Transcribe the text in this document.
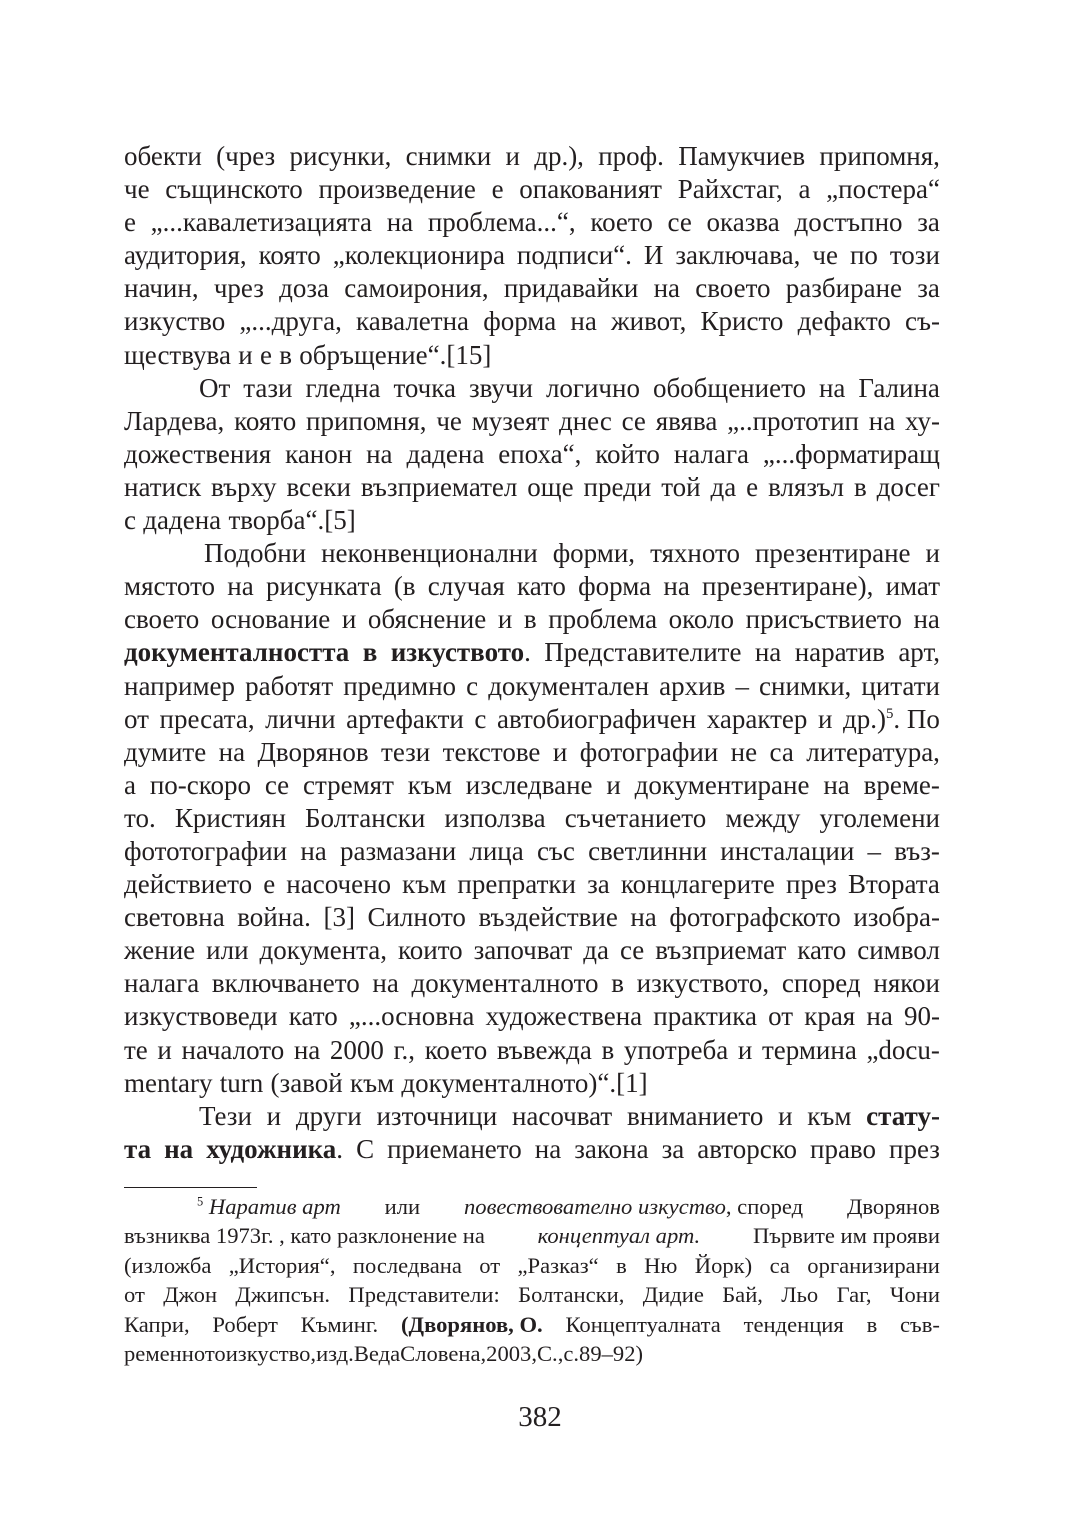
обекти (чрез рисунки, снимки и др.), проф. Памукчиев припомня,
че същинското произведение е опакованият Райхстаг, а „постера“
е „...кавалетизацията на проблема...“, което се оказва достъпно за
аудитория, която „колекционира подписи“. И заключава, че по този
начин, чрез доза самоирония, придавайки на своето разбиране за
изкуство „...друга, кавалетна форма на живот, Кристо дефакто съ-
ществува и е в обръщение“.[15]
От тази гледна точка звучи логично обобщението на Галина
Лардева, която припомня, че музеят днес се явява „..прототип на ху-
дожествения канон на дадена епоха“, който налага „...форматиращ
натиск върху всеки възприемател още преди той да е влязъл в досег
с дадена творба“.[5]
Подобни неконвенционални форми, тяхното презентиране и
мястото на рисунката (в случая като форма на презентиране), имат
своето основание и обяснение и в проблема около присъствието на
документалността в изкуството. Представителите на наратив арт,
например работят предимно с документален архив – снимки, цитати
от пресата, лични артефакти с автобиографичен характер и др.)$^5$. По
думите на Дворянов тези текстове и фотографии не са литература,
а по-скоро се стремят към изследване и документиране на време-
то. Кристиян Болтански използва съчетанието между уголемени
фототографии на размазани лица със светлинни инсталации – въз-
действието е насочено към препратки за концлагерите през Втората
световна война. [3] Силното въздействие на фотографското изобра-
жение или документа, които започват да се възприемат като символ
налага включването на документалното в изкуството, според някои
изкуствоведи като „...основна художествена практика от края на 90-
те и началото на 2000 г., което въвежда в употреба и термина „docu-
mentary turn (завой към документалното)“.[1]
Тези и други източници насочват вниманието и към стату-
та на художника. С приемането на закона за авторско право през
$^5$ Наратив арт или повествователно изкуство, според Дворянов
възниква 1973г. , като разклонение на концептуал арт. Първите им прояви
(изложба „История“, последвана от „Разказ“ в Ню Йорк) са организирани
от Джон Джипсън. Представители: Болтански, Дидие Бай, Льо Гаг, Чони
Капри, Роберт Къминг. (Дворянов, О. Концептуалната тенденция в съв-
ременното изкуство, изд. Веда Словена, 2003, С.,с. 89–92)
382
